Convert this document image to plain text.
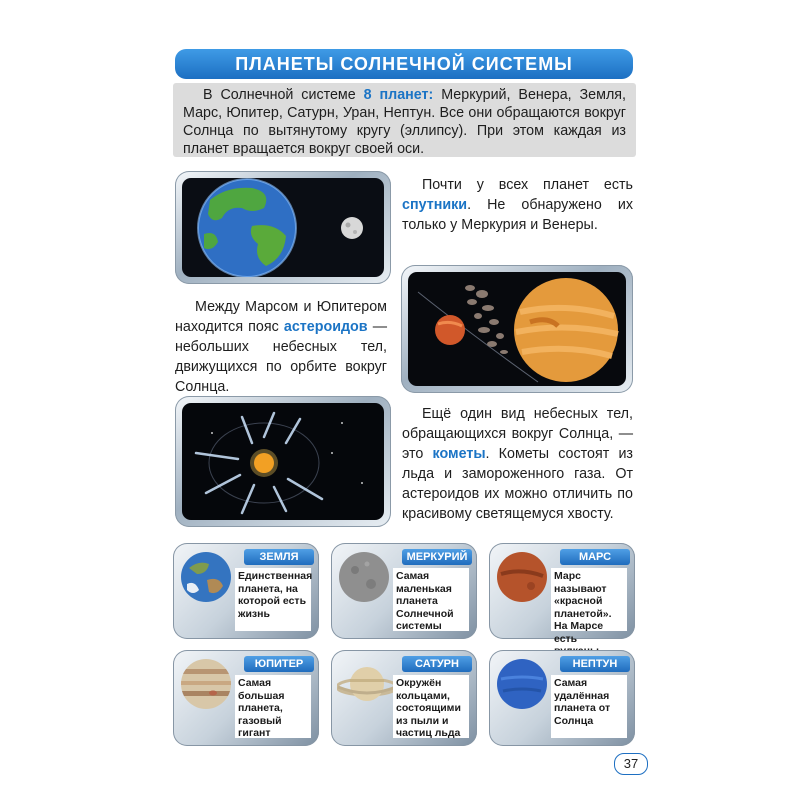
ПЛАНЕТЫ СОЛНЕЧНОЙ СИСТЕМЫ

В Солнечной системе 8 планет: Меркурий, Венера, Земля, Марс, Юпитер, Сатурн, Уран, Нептун. Все они обращаются вокруг Солнца по вытянутому кругу (эллипсу). При этом каждая из планет вращается вокруг своей оси.

Почти у всех планет есть спутники. Не обнаружено их только у Меркурия и Венеры.

Между Марсом и Юпитером находится пояс астероидов — небольших небесных тел, движущихся по орбите вокруг Солнца.

Ещё один вид небесных тел, обращающихся вокруг Солнца, — это кометы. Кометы состоят из льда и замороженного газа. От астероидов их можно отличить по красивому светящемуся хвосту.

ЗЕМЛЯ
Единственная планета, на которой есть жизнь
МЕРКУРИЙ
Самая маленькая планета Солнечной системы
МАРС
Марс называют «красной планетой». На Марсе есть
ЮПИТЕР
Самая большая планета, газовый гигант
САТУРН
Окружён кольцами, состоящими из пыли и частиц льда
НЕПТУН
Самая удалённая планета от Солнца
37
